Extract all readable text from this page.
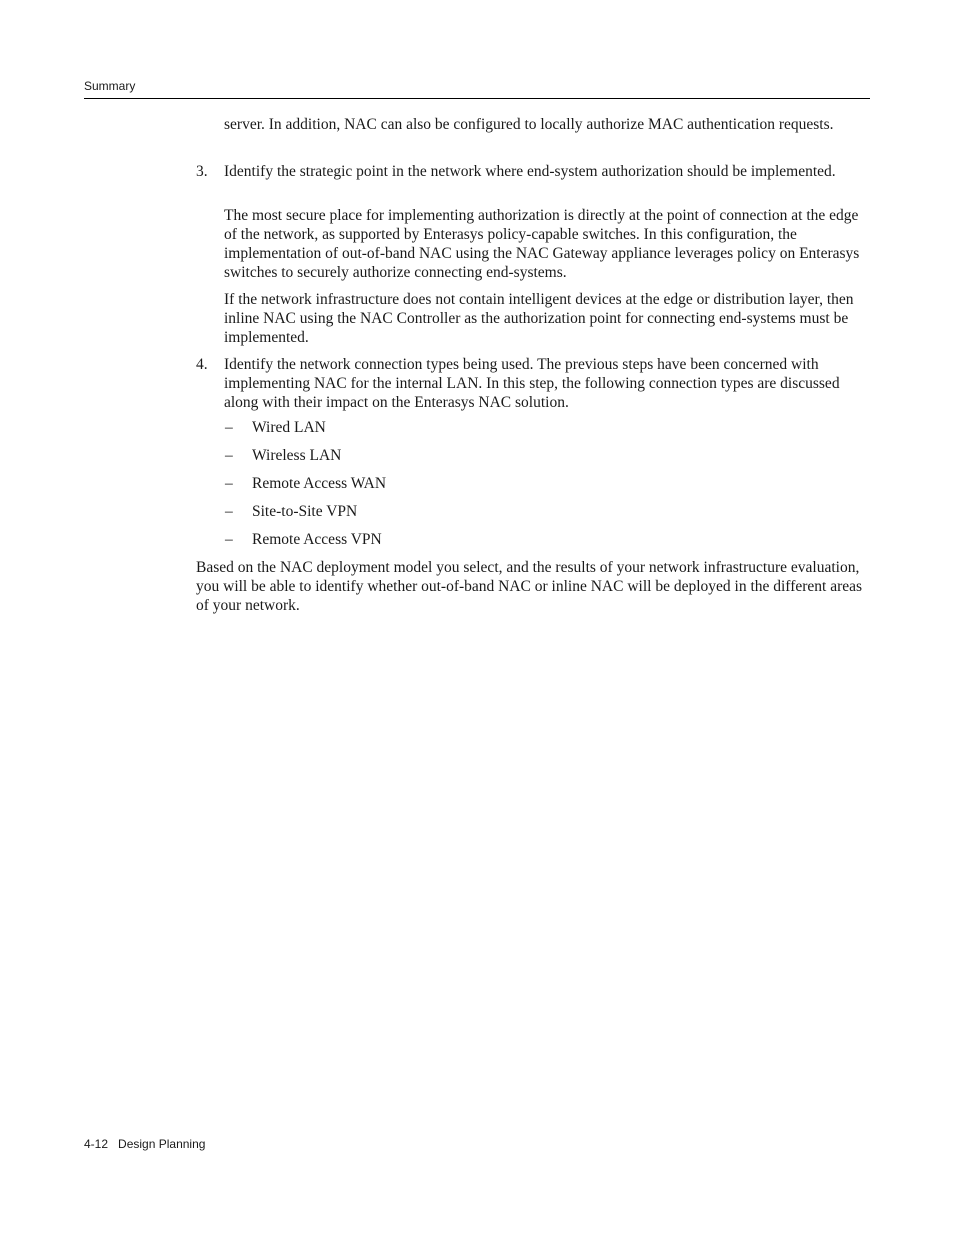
Summary

server. In addition, NAC can also be configured to locally authorize MAC authentication requests.

3. Identify the strategic point in the network where end-system authorization should be implemented.

The most secure place for implementing authorization is directly at the point of connection at the edge of the network, as supported by Enterasys policy-capable switches. In this configuration, the implementation of out-of-band NAC using the NAC Gateway appliance leverages policy on Enterasys switches to securely authorize connecting end-systems.

If the network infrastructure does not contain intelligent devices at the edge or distribution layer, then inline NAC using the NAC Controller as the authorization point for connecting end-systems must be implemented.

4. Identify the network connection types being used. The previous steps have been concerned with implementing NAC for the internal LAN. In this step, the following connection types are discussed along with their impact on the Enterasys NAC solution.

– Wired LAN
– Wireless LAN
– Remote Access WAN
– Site-to-Site VPN
– Remote Access VPN

Based on the NAC deployment model you select, and the results of your network infrastructure evaluation, you will be able to identify whether out-of-band NAC or inline NAC will be deployed in the different areas of your network.

4-12 Design Planning
